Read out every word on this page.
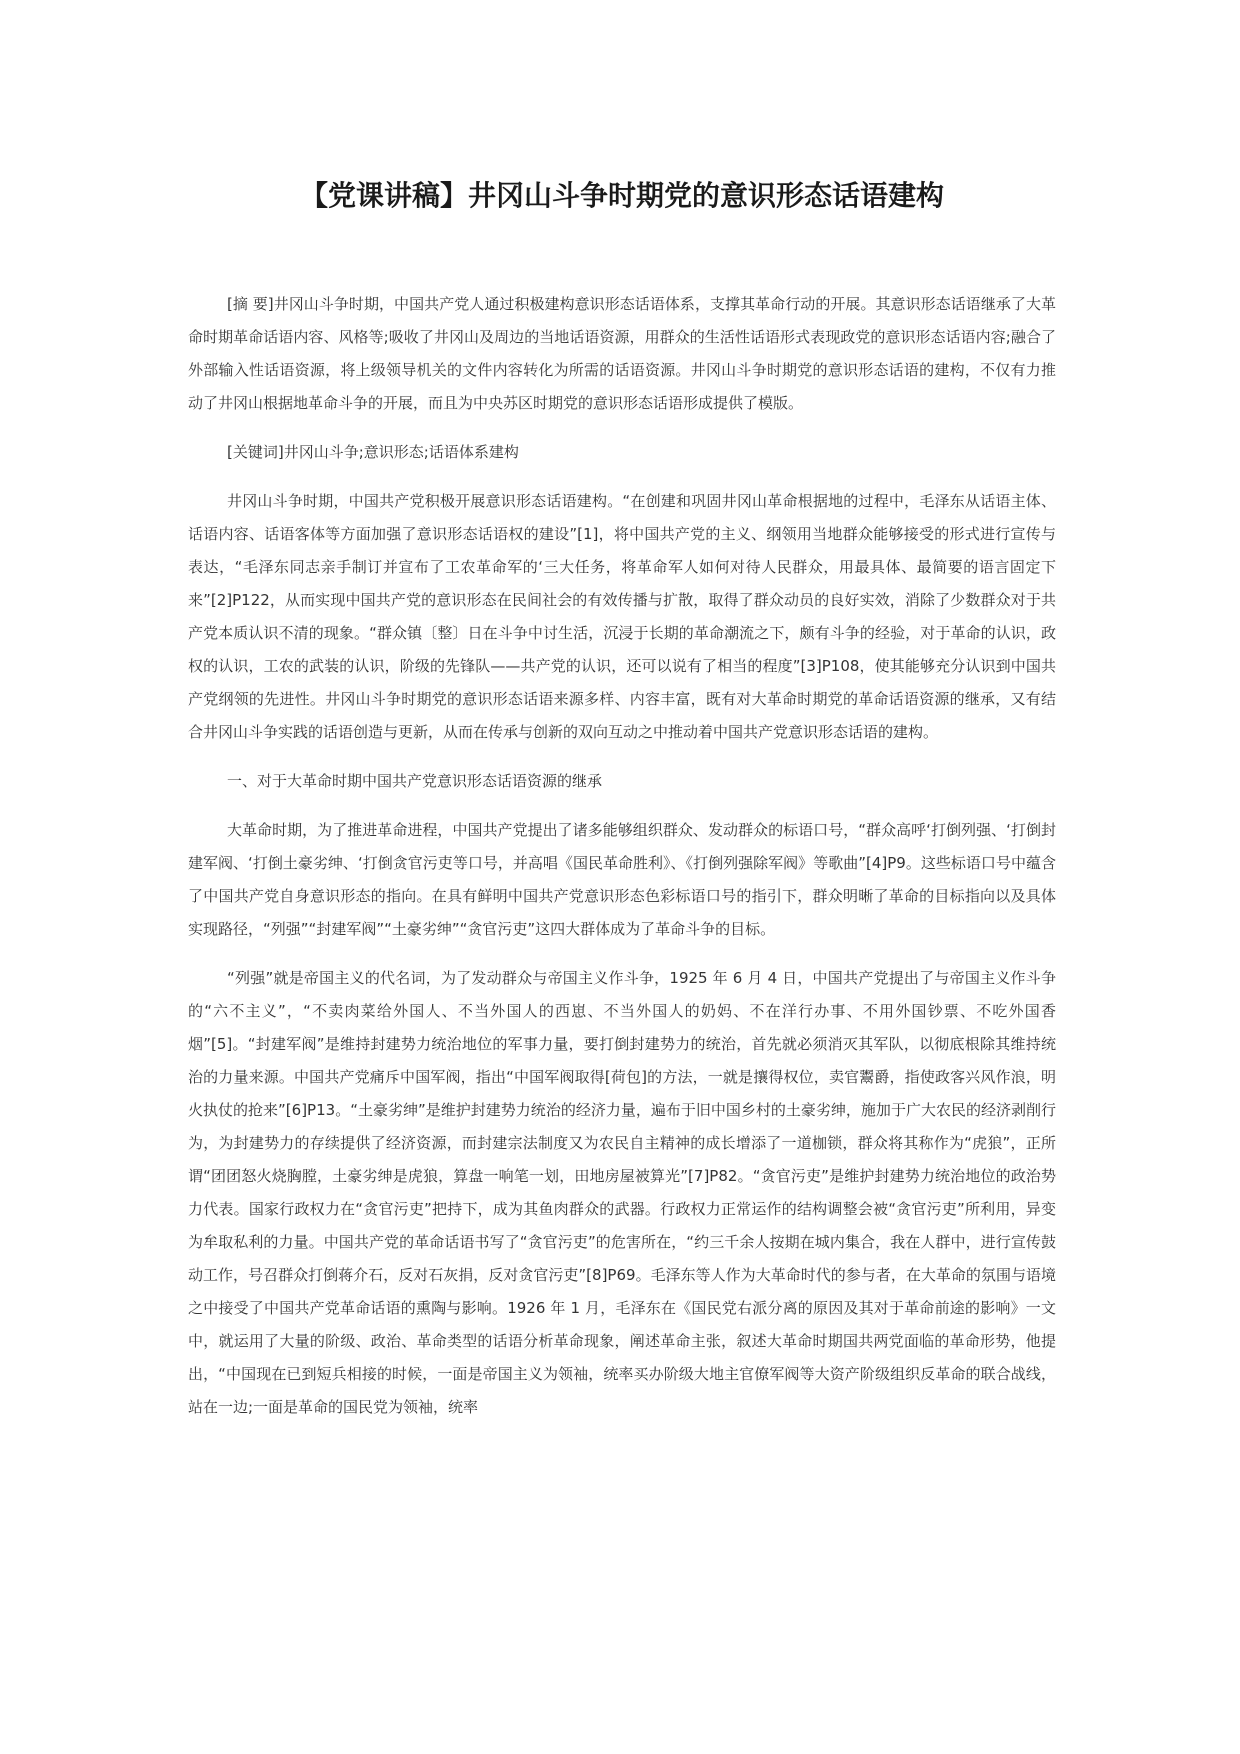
【党课讲稿】井冈山斗争时期党的意识形态话语建构

[摘 要]井冈山斗争时期，中国共产党人通过积极建构意识形态话语体系，支撑其革命行动的开展。其意识形态话语继承了大革命时期革命话语内容、风格等;吸收了井冈山及周边的当地话语资源，用群众的生活性话语形式表现政党的意识形态话语内容;融合了外部输入性话语资源，将上级领导机关的文件内容转化为所需的话语资源。井冈山斗争时期党的意识形态话语的建构，不仅有力推动了井冈山根据地革命斗争的开展，而且为中央苏区时期党的意识形态话语形成提供了模版。

[关键词]井冈山斗争;意识形态;话语体系建构

井冈山斗争时期，中国共产党积极开展意识形态话语建构。“在创建和巩固井冈山革命根据地的过程中，毛泽东从话语主体、话语内容、话语客体等方面加强了意识形态话语权的建设”[1]，将中国共产党的主义、纲领用当地群众能够接受的形式进行宣传与表达，“毛泽东同志亲手制订并宣布了工农革命军的‘三大任务，将革命军人如何对待人民群众，用最具体、最简要的语言固定下来”[2]P122，从而实现中国共产党的意识形态在民间社会的有效传播与扩散，取得了群众动员的良好实效，消除了少数群众对于共产党本质认识不清的现象。“群众镇〔整〕日在斗争中讨生活，沉浸于长期的革命潮流之下，颇有斗争的经验，对于革命的认识，政权的认识，工农的武装的认识，阶级的先锋队——共产党的认识，还可以说有了相当的程度”[3]P108，使其能够充分认识到中国共产党纲领的先进性。井冈山斗争时期党的意识形态话语来源多样、内容丰富，既有对大革命时期党的革命话语资源的继承，又有结合井冈山斗争实践的话语创造与更新，从而在传承与创新的双向互动之中推动着中国共产党意识形态话语的建构。

一、对于大革命时期中国共产党意识形态话语资源的继承

大革命时期，为了推进革命进程，中国共产党提出了诸多能够组织群众、发动群众的标语口号，“群众高呼‘打倒列强、‘打倒封建军阀、‘打倒土豪劣绅、‘打倒贪官污吏等口号，并高唱《国民革命胜利》、《打倒列强除军阀》等歌曲”[4]P9。这些标语口号中蕴含了中国共产党自身意识形态的指向。在具有鲜明中国共产党意识形态色彩标语口号的指引下，群众明晰了革命的目标指向以及具体实现路径，“列强”“封建军阀”“土豪劣绅”“贪官污吏”这四大群体成为了革命斗争的目标。

“列强”就是帝国主义的代名词，为了发动群众与帝国主义作斗争，1925 年 6 月 4 日，中国共产党提出了与帝国主义作斗争的“六不主义”，“不卖肉菜给外国人、不当外国人的西崽、不当外国人的奶妈、不在洋行办事、不用外国钞票、不吃外国香烟”[5]。“封建军阀”是维持封建势力统治地位的军事力量，要打倒封建势力的统治，首先就必须消灭其军队，以彻底根除其维持统治的力量来源。中国共产党痛斥中国军阀，指出“中国军阀取得[荷包]的方法，一就是攘得权位，卖官鬻爵，指使政客兴风作浪，明火执仗的抢来”[6]P13。“土豪劣绅”是维护封建势力统治的经济力量，遍布于旧中国乡村的土豪劣绅，施加于广大农民的经济剥削行为，为封建势力的存续提供了经济资源，而封建宗法制度又为农民自主精神的成长增添了一道枷锁，群众将其称作为“虎狼”，正所谓“团团怒火烧胸膛，土豪劣绅是虎狼，算盘一响笔一划，田地房屋被算光”[7]P82。“贪官污吏”是维护封建势力统治地位的政治势力代表。国家行政权力在“贪官污吏”把持下，成为其鱼肉群众的武器。行政权力正常运作的结构调整会被“贪官污吏”所利用，异变为牟取私利的力量。中国共产党的革命话语书写了“贪官污吏”的危害所在，“约三千余人按期在城内集合，我在人群中，进行宣传鼓动工作，号召群众打倒蒋介石，反对石灰捐，反对贪官污吏”[8]P69。毛泽东等人作为大革命时代的参与者，在大革命的氛围与语境之中接受了中国共产党革命话语的熏陶与影响。1926 年 1 月，毛泽东在《国民党右派分离的原因及其对于革命前途的影响》一文中，就运用了大量的阶级、政治、革命类型的话语分析革命现象，阐述革命主张，叙述大革命时期国共两党面临的革命形势，他提出，“中国现在已到短兵相接的时候，一面是帝国主义为领袖，统率买办阶级大地主官僚军阀等大资产阶级组织反革命的联合战线，站在一边;一面是革命的国民党为领袖，统率
